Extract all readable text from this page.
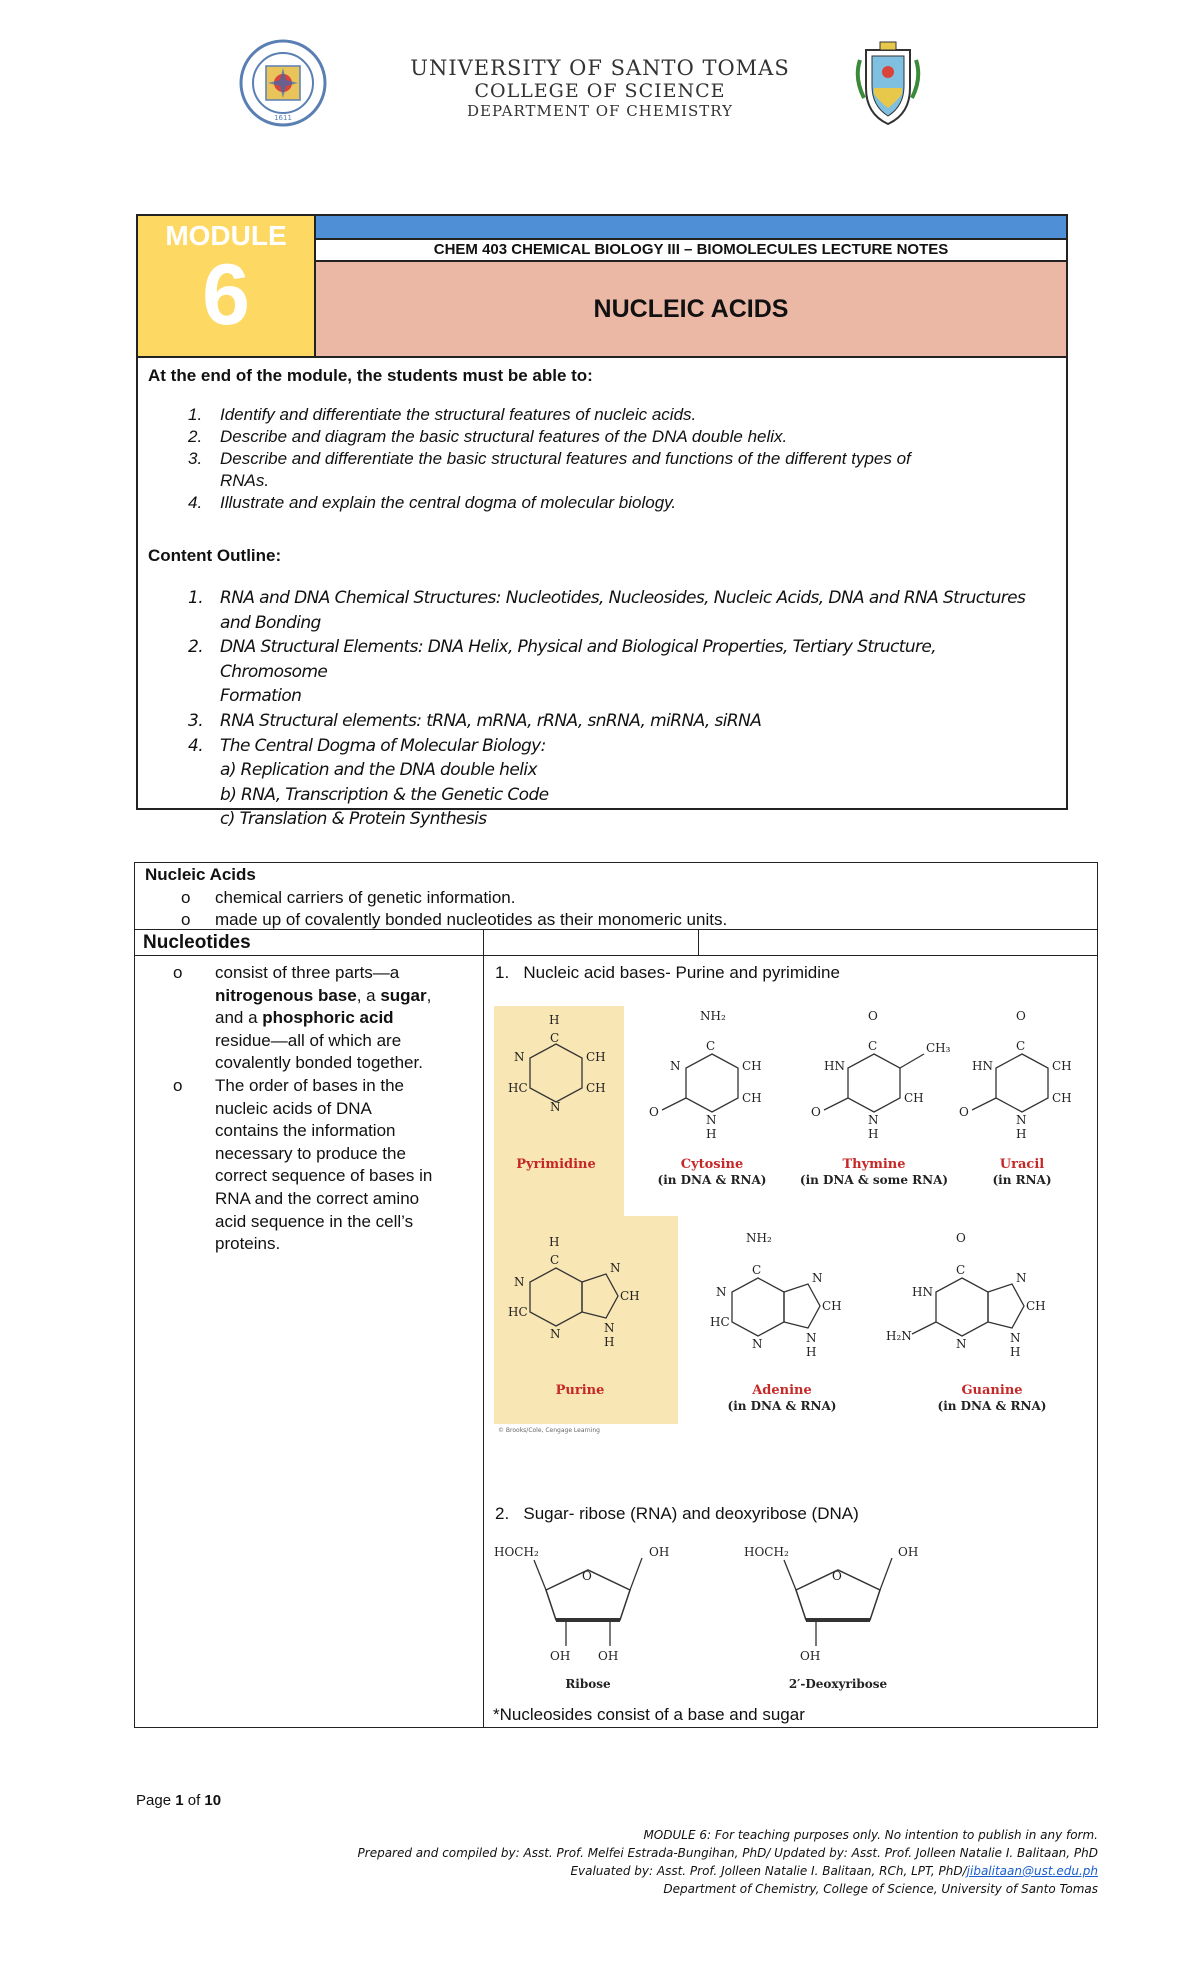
1611
UNIVERSITY OF SANTO TOMAS
COLLEGE OF SCIENCE
DEPARTMENT OF CHEMISTRY
MODULE
6	CHEM 403 CHEMICAL BIOLOGY III – BIOMOLECULES LECTURE NOTES
NUCLEIC ACIDS
At the end of the module, the students must be able to:
1. Identify and differentiate the structural features of nucleic acids.
2. Describe and diagram the basic structural features of the DNA double helix.
3. Describe and differentiate the basic structural features and functions of the different types of
RNAs.
4. Illustrate and explain the central dogma of molecular biology.
Content Outline:
1. RNA and DNA Chemical Structures: Nucleotides, Nucleosides, Nucleic Acids, DNA and RNA Structures
and Bonding
2. DNA Structural Elements: DNA Helix, Physical and Biological Properties, Tertiary Structure, Chromosome
Formation
3. RNA Structural elements: tRNA, mRNA, rRNA, snRNA, miRNA, siRNA
4. The Central Dogma of Molecular Biology:
a) Replication and the DNA double helix
b) RNA, Transcription & the Genetic Code
c) Translation & Protein Synthesis
Nucleic Acids
o chemical carriers of genetic information.
o made up of covalently bonded nucleotides as their monomeric units.
Nucleotides
o consist of three parts—a
nitrogenous base, a sugar,
and a phosphoric acid
residue—all of which are
covalently bonded together.
o The order of bases in the
nucleic acids of DNA
contains the information
necessary to produce the
correct sequence of bases in
RNA and the correct amino
acid sequence in the cell’s
proteins.
1. Nucleic acid bases- Purine and pyrimidine
2. Sugar- ribose (RNA) and deoxyribose (DNA)
*Nucleosides consist of a base and sugar
H
C
N	CH
HC	CH
N
NH₂
C
N	CH
O
CH
N
H
O
C
HN
CH₃
O
CH
N
H
O
C
HN	CH
O
CH
N
H
Pyrimidine	Cytosine
(in DNA & RNA)
Thymine
(in DNA & some RNA)
Uracil
(in RNA)
H
C
N
N
CH
HC
N	N
H
NH₂
C
N
N
CH
HC
N	N
H
O
C
HN
N
CH
H₂N
N	N
H
Purine	Adenine
(in DNA & RNA)
Guanine
(in DNA & RNA)
© Brooks/Cole, Cengage Learning
HOCH₂	OH
O
OH OH
Ribose
HOCH₂	OH
O
OH
2′-Deoxyribose
Page 1 of 10
MODULE 6: For teaching purposes only. No intention to publish in any form.
Prepared and compiled by: Asst. Prof. Melfei Estrada-Bungihan, PhD/ Updated by: Asst. Prof. Jolleen Natalie I. Balitaan, PhD
Evaluated by: Asst. Prof. Jolleen Natalie I. Balitaan, RCh, LPT, PhD/jibalitaan@ust.edu.ph
Department of Chemistry, College of Science, University of Santo Tomas
